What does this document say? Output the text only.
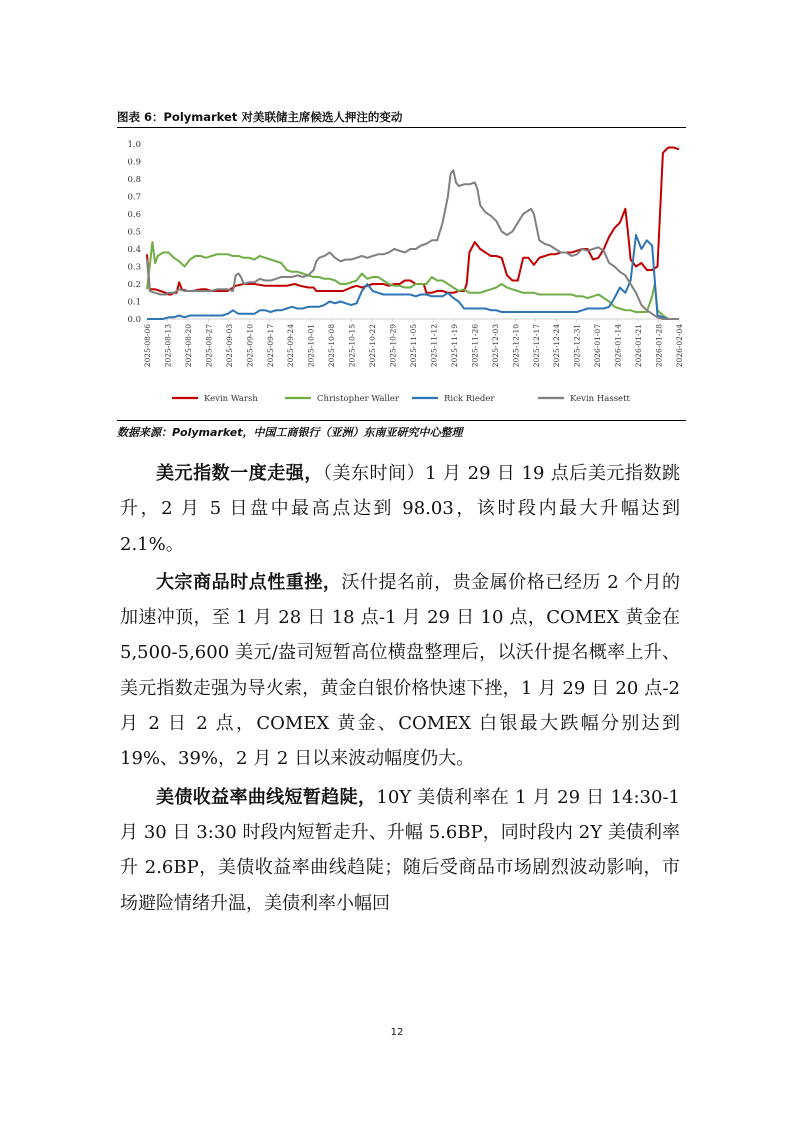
图表 6：Polymarket 对美联储主席候选人押注的变动
0.0
0.1
0.2
0.3
0.4
0.5
0.6
0.7
0.8
0.9
1.0
2025-08-06 2025-08-13 2025-08-20 2025-08-27 2025-09-03 2025-09-10 2025-09-17 2025-09-24 2025-10-01 2025-10-08 2025-10-15 2025-10-22 2025-10-29 2025-11-05 2025-11-12 2025-11-19 2025-11-26 2025-12-03 2025-12-10 2025-12-17 2025-12-24 2025-12-31 2026-01-07 2026-01-14 2026-01-21 2026-01-28 2026-02-04
Kevin Warsh	Christopher Waller	Rick Rieder	Kevin Hassett
数据来源：Polymarket，中国工商银行（亚洲）东南亚研究中心整理

美元指数一度走强，（美东时间）1 月 29 日 19 点后美元指数跳升，2 月 5 日盘中最高点达到 98.03，该时段内最大升幅达到 2.1%。

大宗商品时点性重挫，沃什提名前，贵金属价格已经历 2 个月的加速冲顶，至 1 月 28 日 18 点-1 月 29 日 10 点，COMEX 黄金在 5,500-5,600 美元/盎司短暂高位横盘整理后，以沃什提名概率上升、美元指数走强为导火索，黄金白银价格快速下挫，1 月 29 日 20 点-2 月 2 日 2 点，COMEX 黄金、COMEX 白银最大跌幅分别达到 19%、39%，2 月 2 日以来波动幅度仍大。

美债收益率曲线短暂趋陡，10Y 美债利率在 1 月 29 日 14:30-1 月 30 日 3:30 时段内短暂走升、升幅 5.6BP，同时段内 2Y 美债利率升 2.6BP，美债收益率曲线趋陡；随后受商品市场剧烈波动影响，市场避险情绪升温，美债利率小幅回

12
